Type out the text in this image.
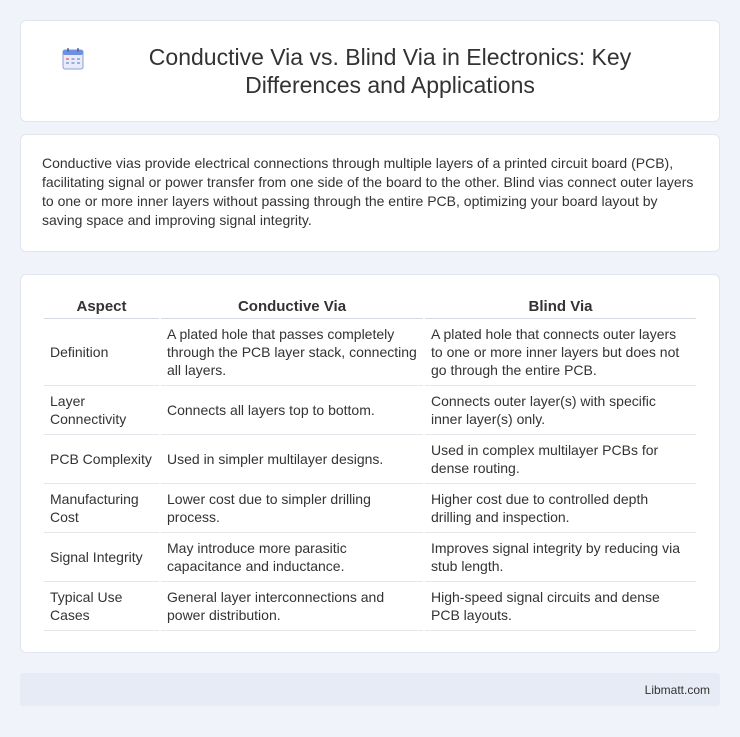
Conductive Via vs. Blind Via in Electronics: Key Differences and Applications

Conductive vias provide electrical connections through multiple layers of a printed circuit board (PCB), facilitating signal or power transfer from one side of the board to the other. Blind vias connect outer layers to one or more inner layers without passing through the entire PCB, optimizing your board layout by saving space and improving signal integrity.

Aspect	Conductive Via	Blind Via
Definition	A plated hole that passes completely through the PCB layer stack, connecting all layers.	A plated hole that connects outer layers to one or more inner layers but does not go through the entire PCB.
Layer Connectivity	Connects all layers top to bottom.	Connects outer layer(s) with specific inner layer(s) only.
PCB Complexity	Used in simpler multilayer designs.	Used in complex multilayer PCBs for dense routing.
Manufacturing Cost	Lower cost due to simpler drilling process.	Higher cost due to controlled depth drilling and inspection.
Signal Integrity	May introduce more parasitic capacitance and inductance.	Improves signal integrity by reducing via stub length.
Typical Use Cases	General layer interconnections and power distribution.	High-speed signal circuits and dense PCB layouts.
Libmatt.com
